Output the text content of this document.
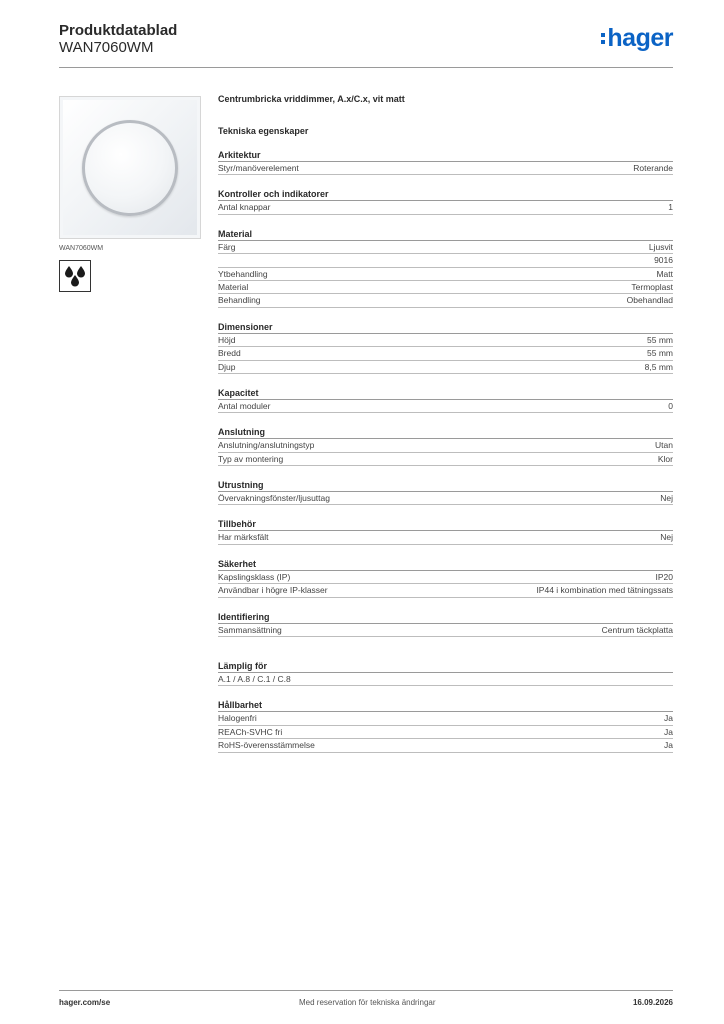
Produktdatablad
WAN7060WM	hager
WAN7060WM
Centrumbricka vriddimmer, A.x/C.x, vit matt
Tekniska egenskaper
Arkitektur
Styr/manöverelement	Roterande
Kontroller och indikatorer
Antal knappar	1
Material
Färg	Ljusvit
9016
Ytbehandling	Matt
Material	Termoplast
Behandling	Obehandlad
Dimensioner
Höjd	55 mm
Bredd	55 mm
Djup	8,5 mm
Kapacitet
Antal moduler	0
Anslutning
Anslutning/anslutningstyp	Utan
Typ av montering	Klor
Utrustning
Övervakningsfönster/ljusuttag	Nej
Tillbehör
Har märksfält	Nej
Säkerhet
Kapslingsklass (IP)	IP20
Användbar i högre IP-klasser	IP44 i kombination med tätningssats
Identifiering
Sammansättning	Centrum täckplatta
Lämplig för
A.1 / A.8 / C.1 / C.8
Hållbarhet
Halogenfri	Ja
REACh-SVHC fri	Ja
RoHS-överensstämmelse	Ja
hager.com/se	Med reservation för tekniska ändringar	16.09.2026
